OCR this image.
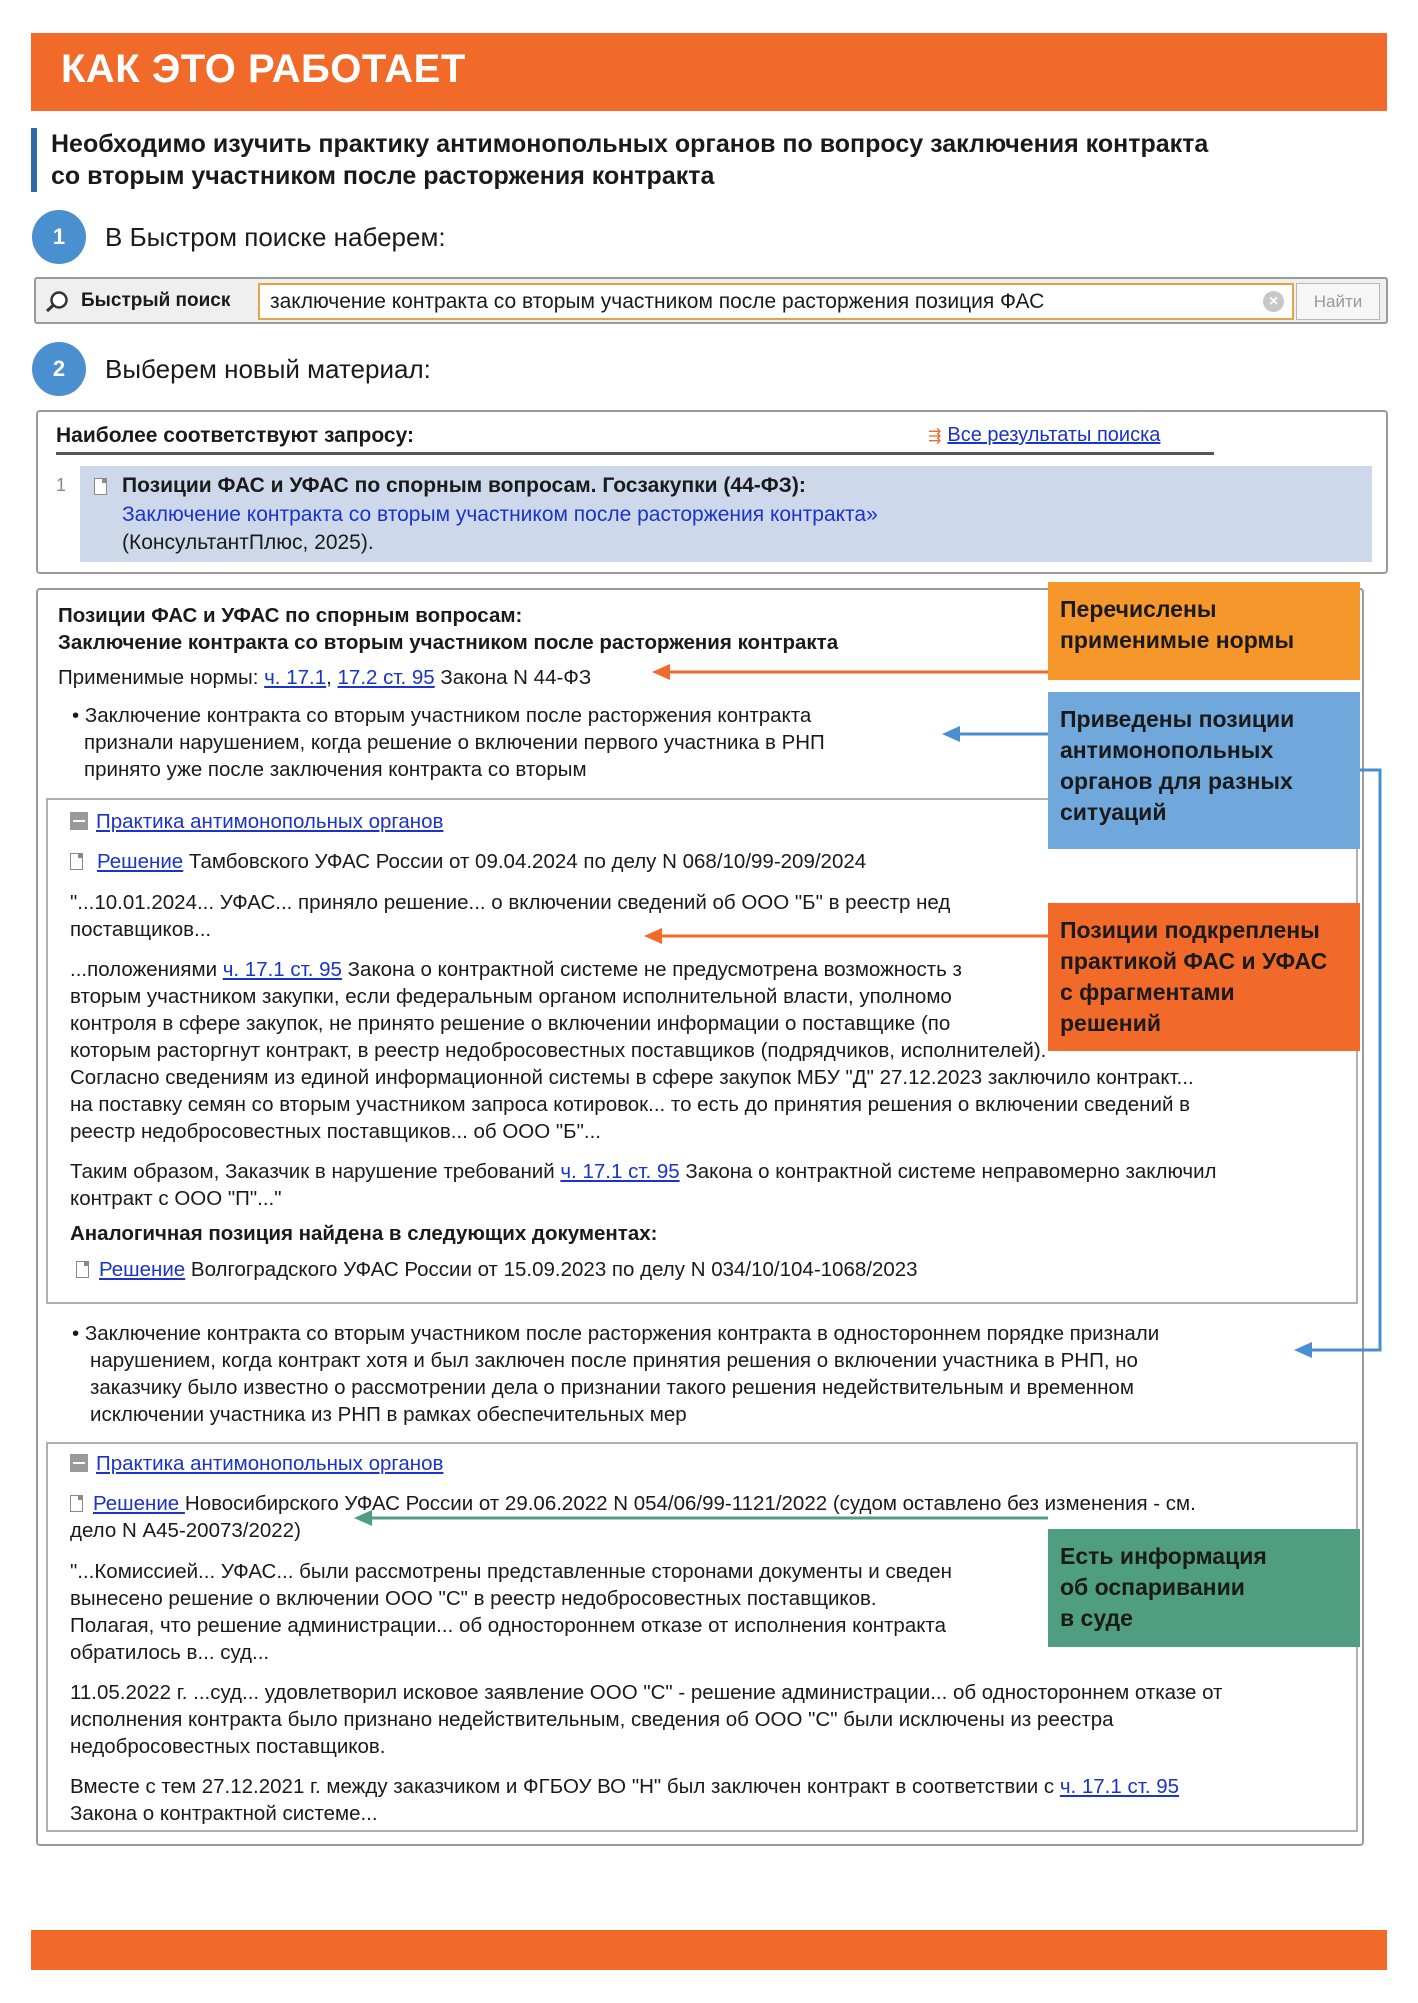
КАК ЭТО РАБОТАЕТ
Необходимо изучить практику антимонопольных органов по вопросу заключения контракта
со вторым участником после расторжения контракта
1	В Быстром поиске наберем:
Быстрый поиск заключение контракта со вторым участником после расторжения позиция ФАС	×	Найти
2	Выберем новый материал:
Наиболее соответствуют запросу:	⇶ Все результаты поиска
1	Позиции ФАС и УФАС по спорным вопросам. Госзакупки (44-ФЗ):
Заключение контракта со вторым участником после расторжения контракта»
(КонсультантПлюс, 2025).
Позиции ФАС и УФАС по спорным вопросам:
Заключение контракта со вторым участником после расторжения контракта
Применимые нормы: ч. 17.1, 17.2 ст. 95 Закона N 44-ФЗ
• Заключение контракта со вторым участником после расторжения контракта
признали нарушением, когда решение о включении первого участника в РНП
принято уже после заключения контракта со вторым
Практика антимонопольных органов
Решение Тамбовского УФАС России от 09.04.2024 по делу N 068/10/99-209/2024
"...10.01.2024... УФАС... приняло решение... о включении сведений об ООО "Б" в реестр нед
поставщиков...
...положениями ч. 17.1 ст. 95 Закона о контрактной системе не предусмотрена возможность з
вторым участником закупки, если федеральным органом исполнительной власти, уполномо
контроля в сфере закупок, не принято решение о включении информации о поставщике (по
которым расторгнут контракт, в реестр недобросовестных поставщиков (подрядчиков, исполнителей).
Согласно сведениям из единой информационной системы в сфере закупок МБУ "Д" 27.12.2023 заключило контракт...
на поставку семян со вторым участником запроса котировок... то есть до принятия решения о включении сведений в
реестр недобросовестных поставщиков... об ООО "Б"...
Таким образом, Заказчик в нарушение требований ч. 17.1 ст. 95 Закона о контрактной системе неправомерно заключил
контракт с ООО "П"..."
Аналогичная позиция найдена в следующих документах:
Решение Волгоградского УФАС России от 15.09.2023 по делу N 034/10/104-1068/2023
• Заключение контракта со вторым участником после расторжения контракта в одностороннем порядке признали
нарушением, когда контракт хотя и был заключен после принятия решения о включении участника в РНП, но
заказчику было известно о рассмотрении дела о признании такого решения недействительным и временном
исключении участника из РНП в рамках обеспечительных мер
Практика антимонопольных органов
Решение Новосибирского УФАС России от 29.06.2022 N 054/06/99-1121/2022 (судом оставлено без изменения - см.
дело N А45-20073/2022)
"...Комиссией... УФАС... были рассмотрены представленные сторонами документы и сведен
вынесено решение о включении ООО "С" в реестр недобросовестных поставщиков.
Полагая, что решение администрации... об одностороннем отказе от исполнения контракта
обратилось в... суд...
11.05.2022 г. ...суд... удовлетворил исковое заявление ООО "С" - решение администрации... об одностороннем отказе от
исполнения контракта было признано недействительным, сведения об ООО "С" были исключены из реестра
недобросовестных поставщиков.
Вместе с тем 27.12.2021 г. между заказчиком и ФГБОУ ВО "Н" был заключен контракт в соответствии с ч. 17.1 ст. 95
Закона о контрактной системе...
Перечислены
применимые нормы
Приведены позиции
антимонопольных
органов для разных
ситуаций
Позиции подкреплены
практикой ФАС и УФАС
с фрагментами
решений
Есть информация
об оспаривании
в суде
